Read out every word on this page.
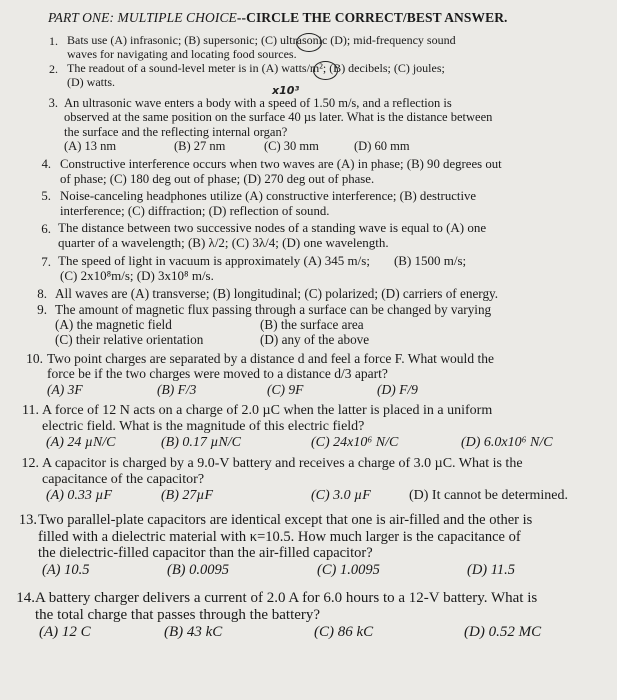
PART ONE: MULTIPLE CHOICE--CIRCLE THE CORRECT/BEST ANSWER.
1. Bats use (A) infrasonic; (B) supersonic; (C) ultrasonic (D); mid-frequency sound
waves for navigating and locating food sources.
2. The readout of a sound-level meter is in (A) watts/m²; (B) decibels; (C) joules;
(D) watts.
x10³
3. An ultrasonic wave enters a body with a speed of 1.50 m/s, and a reflection is
observed at the same position on the surface 40 µs later. What is the distance between
the surface and the reflecting internal organ?
(A) 13 nm	(B) 27 nm	(C) 30 mm	(D) 60 mm
4. Constructive interference occurs when two waves are (A) in phase; (B) 90 degrees out
of phase; (C) 180 deg out of phase; (D) 270 deg out of phase.
5. Noise-canceling headphones utilize (A) constructive interference; (B) destructive
interference; (C) diffraction; (D) reflection of sound.
6. The distance between two successive nodes of a standing wave is equal to (A) one
quarter of a wavelength; (B) λ/2; (C) 3λ/4; (D) one wavelength.
7. The speed of light in vacuum is approximately (A) 345 m/s; (B) 1500 m/s;
(C) 2x10⁸m/s; (D) 3x10⁸ m/s.
8. All waves are (A) transverse; (B) longitudinal; (C) polarized; (D) carriers of energy.
9. The amount of magnetic flux passing through a surface can be changed by varying
(A) the magnetic field	(B) the surface area
(C) their relative orientation	(D) any of the above
10. Two point charges are separated by a distance d and feel a force F. What would the
force be if the two charges were moved to a distance d/3 apart?
(A) 3F	(B) F/3	(C) 9F	(D) F/9
11. A force of 12 N acts on a charge of 2.0 µC when the latter is placed in a uniform
electric field. What is the magnitude of this electric field?
(A) 24 µN/C	(B) 0.17 µN/C	(C) 24x10⁶ N/C	(D) 6.0x10⁶ N/C
12. A capacitor is charged by a 9.0-V battery and receives a charge of 3.0 µC. What is the
capacitance of the capacitor?
(A) 0.33 µF	(B) 27µF	(C) 3.0 µF	(D) It cannot be determined.
13. Two parallel-plate capacitors are identical except that one is air-filled and the other is
filled with a dielectric material with κ=10.5. How much larger is the capacitance of
the dielectric-filled capacitor than the air-filled capacitor?
(A) 10.5	(B) 0.0095	(C) 1.0095	(D) 11.5
14. A battery charger delivers a current of 2.0 A for 6.0 hours to a 12-V battery. What is
the total charge that passes through the battery?
(A) 12 C	(B) 43 kC	(C) 86 kC	(D) 0.52 MC
